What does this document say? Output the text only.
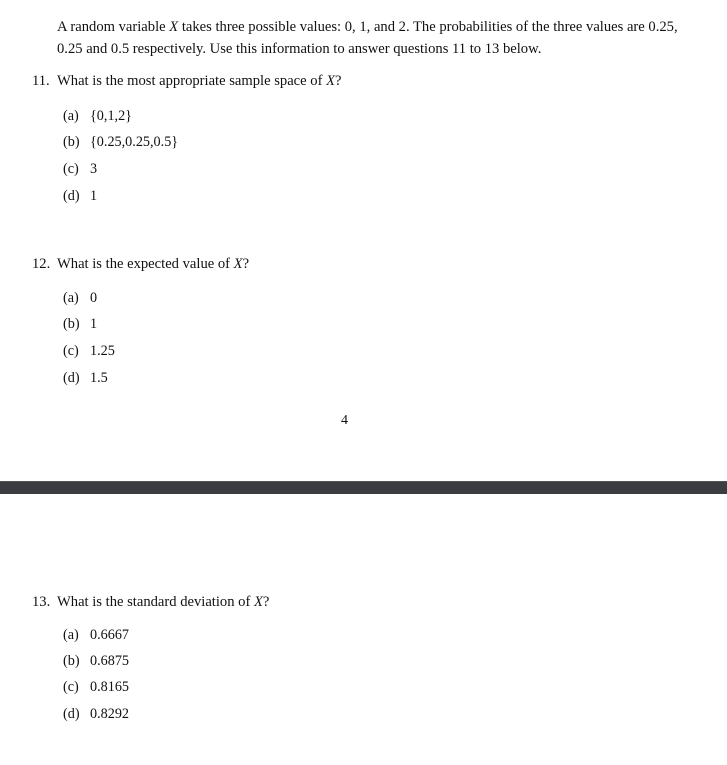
A random variable X takes three possible values: 0, 1, and 2. The probabilities of the three values are 0.25, 0.25 and 0.5 respectively. Use this information to answer questions 11 to 13 below.
11. What is the most appropriate sample space of X?
(a) {0,1,2}
(b) {0.25,0.25,0.5}
(c) 3
(d) 1
12. What is the expected value of X?
(a) 0
(b) 1
(c) 1.25
(d) 1.5
4
13. What is the standard deviation of X?
(a) 0.6667
(b) 0.6875
(c) 0.8165
(d) 0.8292
